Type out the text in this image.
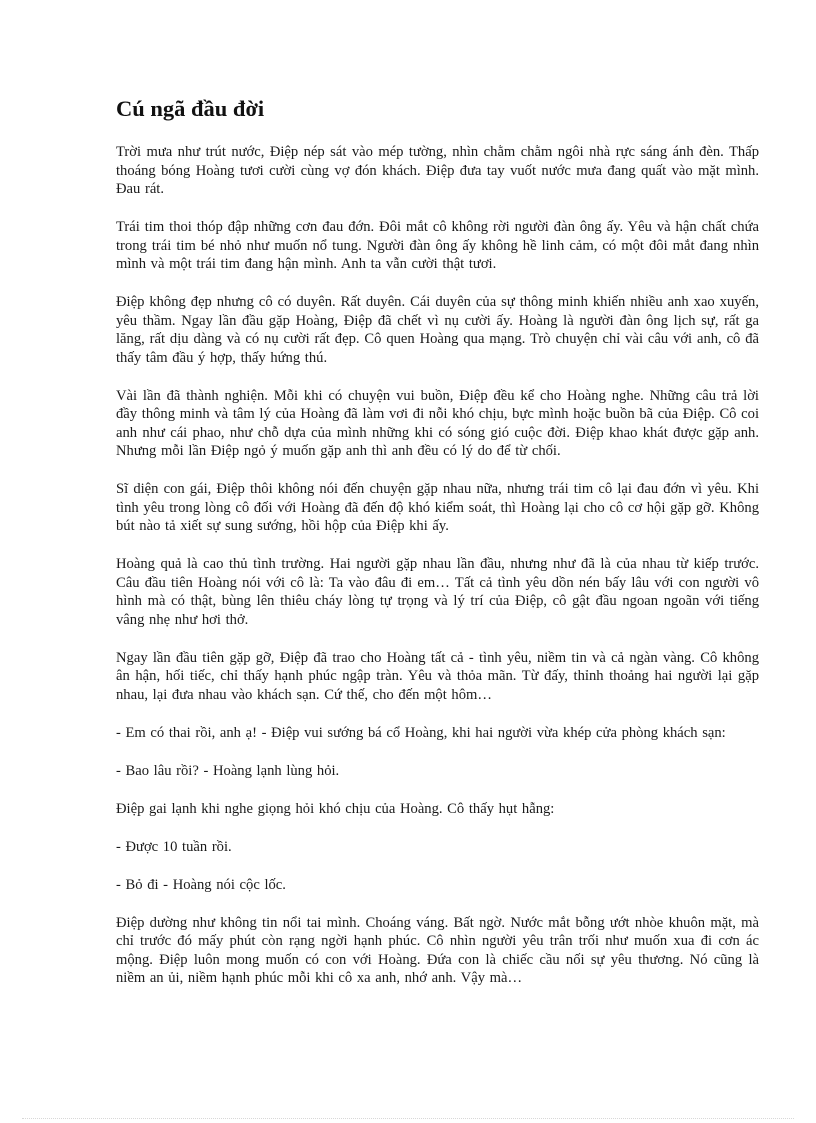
Cú ngã đầu đời

Trời mưa như trút nước, Điệp nép sát vào mép tường, nhìn chằm chằm ngôi nhà rực sáng ánh đèn. Thấp thoáng bóng Hoàng tươi cười cùng vợ đón khách. Điệp đưa tay vuốt nước mưa đang quất vào mặt mình. Đau rát.

Trái tim thoi thóp đập những cơn đau đớn. Đôi mắt cô không rời người đàn ông ấy. Yêu và hận chất chứa trong trái tim bé nhỏ như muốn nổ tung. Người đàn ông ấy không hề linh cảm, có một đôi mắt đang nhìn mình và một trái tim đang hận mình. Anh ta vẫn cười thật tươi.

Điệp không đẹp nhưng cô có duyên. Rất duyên. Cái duyên của sự thông minh khiến nhiều anh xao xuyến, yêu thầm. Ngay lần đầu gặp Hoàng, Điệp đã chết vì nụ cười ấy. Hoàng là người đàn ông lịch sự, rất ga lăng, rất dịu dàng và có nụ cười rất đẹp. Cô quen Hoàng qua mạng. Trò chuyện chỉ vài câu với anh, cô đã thấy tâm đầu ý hợp, thấy hứng thú.

Vài lần đã thành nghiện. Mỗi khi có chuyện vui buồn, Điệp đều kể cho Hoàng nghe. Những câu trả lời đầy thông minh và tâm lý của Hoàng đã làm vơi đi nỗi khó chịu, bực mình hoặc buồn bã của Điệp. Cô coi anh như cái phao, như chỗ dựa của mình những khi có sóng gió cuộc đời. Điệp khao khát được gặp anh. Nhưng mỗi lần Điệp ngỏ ý muốn gặp anh thì anh đều có lý do để từ chối.

Sĩ diện con gái, Điệp thôi không nói đến chuyện gặp nhau nữa, nhưng trái tim cô lại đau đớn vì yêu. Khi tình yêu trong lòng cô đối với Hoàng đã đến độ khó kiểm soát, thì Hoàng lại cho cô cơ hội gặp gỡ. Không bút nào tả xiết sự sung sướng, hồi hộp của Điệp khi ấy.

Hoàng quả là cao thủ tình trường. Hai người gặp nhau lần đầu, nhưng như đã là của nhau từ kiếp trước. Câu đầu tiên Hoàng nói với cô là: Ta vào đâu đi em… Tất cả tình yêu dồn nén bấy lâu với con người vô hình mà có thật, bùng lên thiêu cháy lòng tự trọng và lý trí của Điệp, cô gật đầu ngoan ngoãn với tiếng vâng nhẹ như hơi thở.

Ngay lần đầu tiên gặp gỡ, Điệp đã trao cho Hoàng tất cả - tình yêu, niềm tin và cả ngàn vàng. Cô không ân hận, hối tiếc, chỉ thấy hạnh phúc ngập tràn. Yêu và thỏa mãn. Từ đấy, thỉnh thoảng hai người lại gặp nhau, lại đưa nhau vào khách sạn. Cứ thế, cho đến một hôm…

- Em có thai rồi, anh ạ! - Điệp vui sướng bá cổ Hoàng, khi hai người vừa khép cửa phòng khách sạn:

- Bao lâu rồi? - Hoàng lạnh lùng hỏi.

Điệp gai lạnh khi nghe giọng hỏi khó chịu của Hoàng. Cô thấy hụt hẫng:

- Được 10 tuần rồi.

- Bỏ đi - Hoàng nói cộc lốc.

Điệp dường như không tin nổi tai mình. Choáng váng. Bất ngờ. Nước mắt bỗng ướt nhòe khuôn mặt, mà chỉ trước đó mấy phút còn rạng ngời hạnh phúc. Cô nhìn người yêu trân trối như muốn xua đi cơn ác mộng. Điệp luôn mong muốn có con với Hoàng. Đứa con là chiếc cầu nối sự yêu thương. Nó cũng là niềm an ủi, niềm hạnh phúc mỗi khi cô xa anh, nhớ anh. Vậy mà…
